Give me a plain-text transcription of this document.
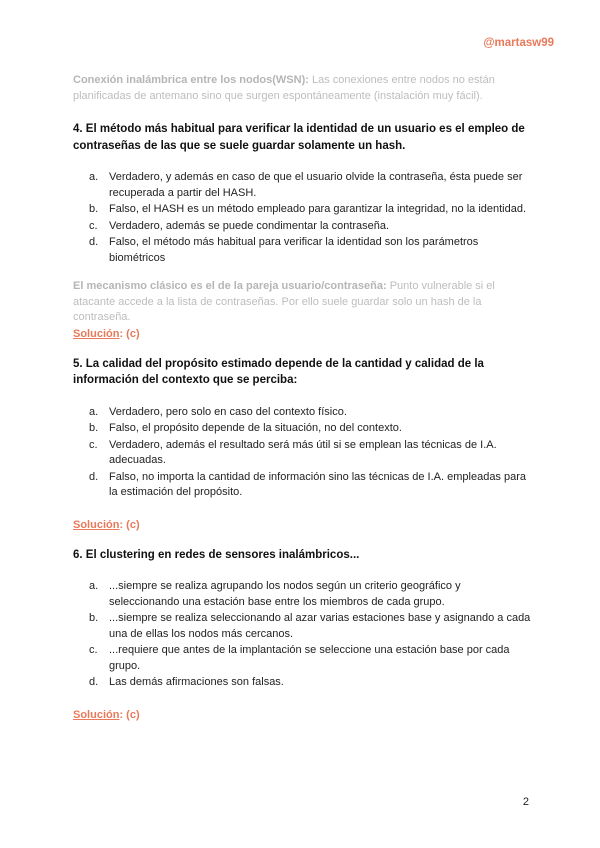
@martasw99

Conexión inalámbrica entre los nodos(WSN): Las conexiones entre nodos no están planificadas de antemano sino que surgen espontáneamente (instalación muy fácil).

4. El método más habitual para verificar la identidad de un usuario es el empleo de contraseñas de las que se suele guardar solamente un hash.

a. Verdadero, y además en caso de que el usuario olvide la contraseña, ésta puede ser recuperada a partir del HASH.
b. Falso, el HASH es un método empleado para garantizar la integridad, no la identidad.
c.	Verdadero, además se puede condimentar la contraseña.
d. Falso, el método más habitual para verificar la identidad son los parámetros biométricos

El mecanismo clásico es el de la pareja usuario/contraseña: Punto vulnerable si el atacante accede a la lista de contraseñas. Por ello suele guardar solo un hash de la contraseña.

Solución: (c)

5. La calidad del propósito estimado depende de la cantidad y calidad de la información del contexto que se perciba:

a. Verdadero, pero solo en caso del contexto físico.
b. Falso, el propósito depende de la situación, no del contexto.
c.	Verdadero, además el resultado será más útil si se emplean las técnicas de I.A. adecuadas.
d. Falso, no importa la cantidad de información sino las técnicas de I.A. empleadas para la estimación del propósito.

Solución: (c)

6. El clustering en redes de sensores inalámbricos...

a. ...siempre se realiza agrupando los nodos según un criterio geográfico y seleccionando una estación base entre los miembros de cada grupo.
b. ...siempre se realiza seleccionando al azar varias estaciones base y asignando a cada una de ellas los nodos más cercanos.
c.	...requiere que antes de la implantación se seleccione una estación base por cada grupo.
d. Las demás afirmaciones son falsas.

Solución: (c)

2
